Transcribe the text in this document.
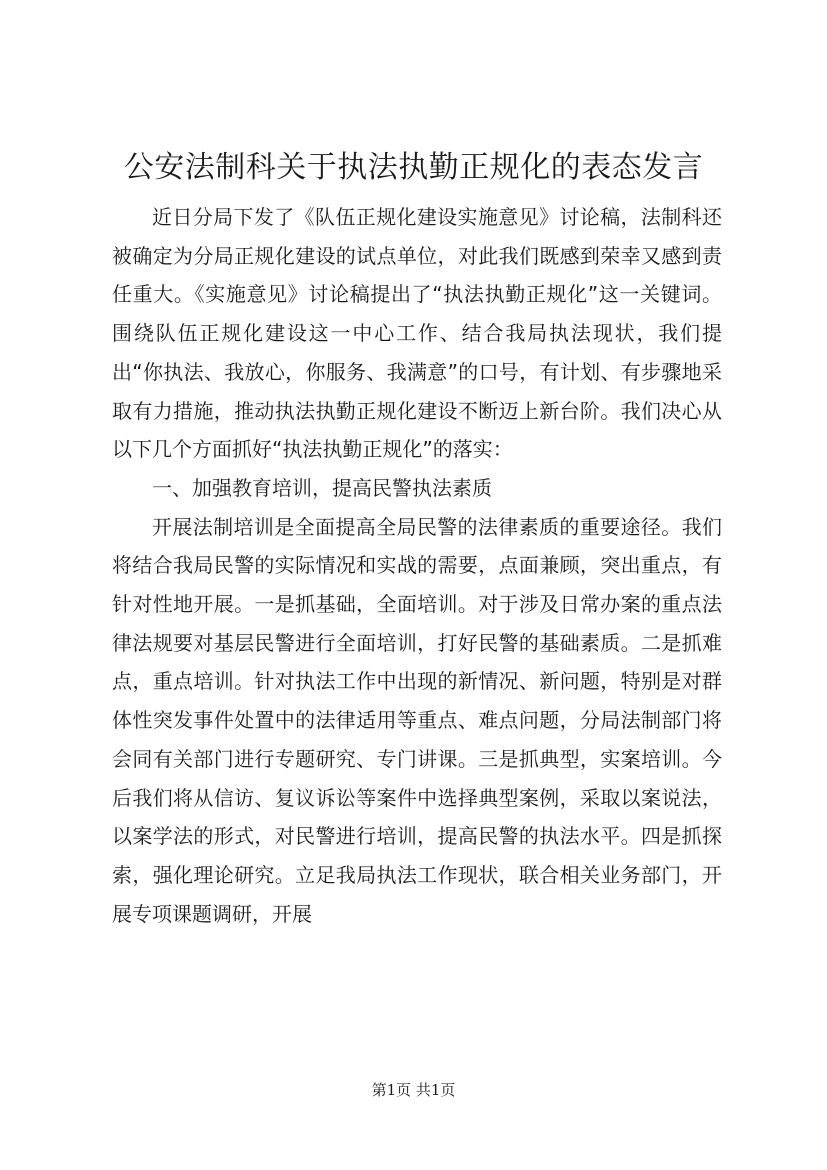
公安法制科关于执法执勤正规化的表态发言

近日分局下发了《队伍正规化建设实施意见》讨论稿，法制科还被确定为分局正规化建设的试点单位，对此我们既感到荣幸又感到责任重大。《实施意见》讨论稿提出了“执法执勤正规化”这一关键词。围绕队伍正规化建设这一中心工作、结合我局执法现状，我们提出“你执法、我放心，你服务、我满意”的口号，有计划、有步骤地采取有力措施，推动执法执勤正规化建设不断迈上新台阶。我们决心从以下几个方面抓好“执法执勤正规化”的落实：

一、加强教育培训，提高民警执法素质

开展法制培训是全面提高全局民警的法律素质的重要途径。我们将结合我局民警的实际情况和实战的需要，点面兼顾，突出重点，有针对性地开展。一是抓基础，全面培训。对于涉及日常办案的重点法律法规要对基层民警进行全面培训，打好民警的基础素质。二是抓难点，重点培训。针对执法工作中出现的新情况、新问题，特别是对群体性突发事件处置中的法律适用等重点、难点问题，分局法制部门将会同有关部门进行专题研究、专门讲课。三是抓典型，实案培训。今后我们将从信访、复议诉讼等案件中选择典型案例，采取以案说法，以案学法的形式，对民警进行培训，提高民警的执法水平。四是抓探索，强化理论研究。立足我局执法工作现状，联合相关业务部门，开展专项课题调研，开展

第1页 共1页
